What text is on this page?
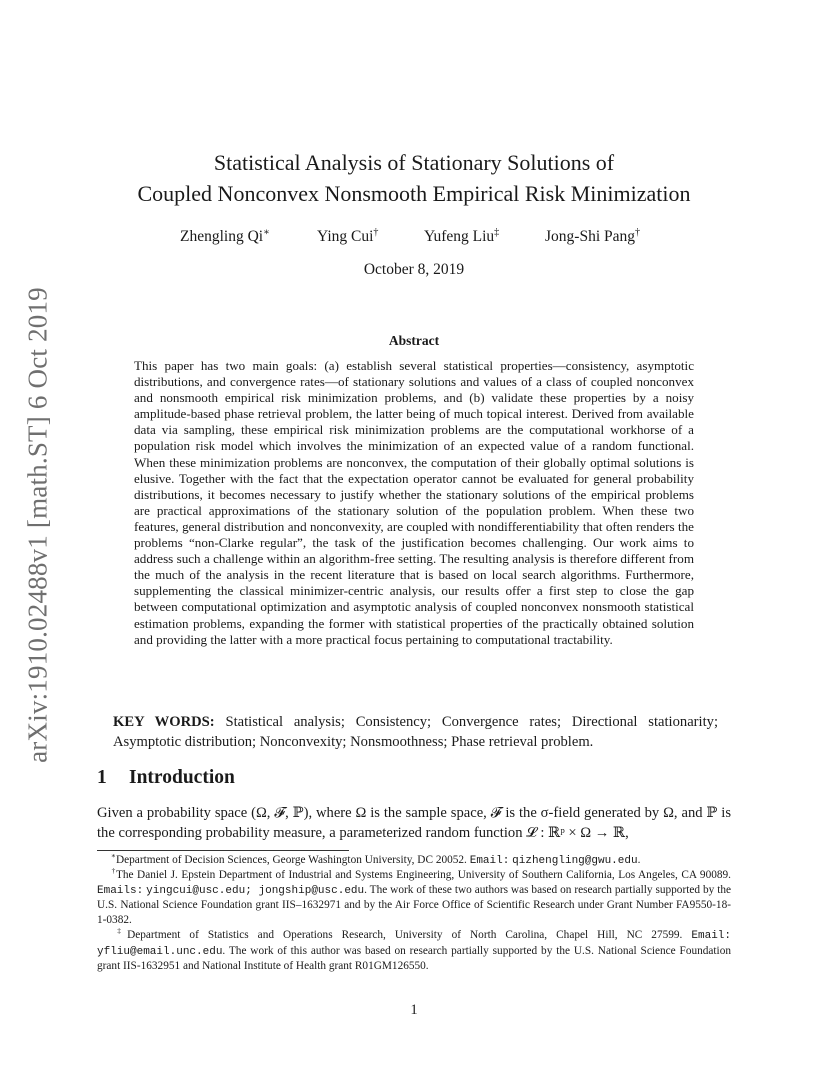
arXiv:1910.02488v1 [math.ST] 6 Oct 2019
Statistical Analysis of Stationary Solutions of
Coupled Nonconvex Nonsmooth Empirical Risk Minimization
Zhengling Qi∗	Ying Cui†	Yufeng Liu‡	Jong-Shi Pang†
October 8, 2019
Abstract
This paper has two main goals: (a) establish several statistical properties—consistency, asymptotic distributions, and convergence rates—of stationary solutions and values of a class of coupled nonconvex and nonsmooth empirical risk minimization problems, and (b) validate these properties by a noisy amplitude-based phase retrieval problem, the latter being of much topical interest. Derived from available data via sampling, these empirical risk minimization problems are the computational workhorse of a population risk model which involves the minimization of an expected value of a random functional. When these minimization problems are nonconvex, the computation of their globally optimal solutions is elusive. Together with the fact that the expectation operator cannot be evaluated for general probability distributions, it becomes necessary to justify whether the stationary solutions of the empirical problems are practical approximations of the stationary solution of the population problem. When these two features, general distribution and nonconvexity, are coupled with nondifferentiability that often renders the problems “non-Clarke regular”, the task of the justification becomes challenging. Our work aims to address such a challenge within an algorithm-free setting. The resulting analysis is therefore different from the much of the analysis in the recent literature that is based on local search algorithms. Furthermore, supplementing the classical minimizer-centric analysis, our results offer a first step to close the gap between computational optimization and asymptotic analysis of coupled nonconvex nonsmooth statistical estimation problems, expanding the former with statistical properties of the practically obtained solution and providing the latter with a more practical focus pertaining to computational tractability.
KEY WORDS: Statistical analysis; Consistency; Convergence rates; Directional stationarity; Asymptotic distribution; Nonconvexity; Nonsmoothness; Phase retrieval problem.
1 Introduction
Given a probability space (Ω, 𝓕, ℙ), where Ω is the sample space, 𝓕 is the σ-field generated by Ω, and ℙ is the corresponding probability measure, a parameterized random function 𝓛 : ℝᵖ × Ω → ℝ,
∗Department of Decision Sciences, George Washington University, DC 20052. Email: qizhengling@gwu.edu.
†The Daniel J. Epstein Department of Industrial and Systems Engineering, University of Southern California, Los Angeles, CA 90089. Emails: yingcui@usc.edu; jongship@usc.edu. The work of these two authors was based on research partially supported by the U.S. National Science Foundation grant IIS–1632971 and by the Air Force Office of Scientific Research under Grant Number FA9550-18-1-0382.
‡Department of Statistics and Operations Research, University of North Carolina, Chapel Hill, NC 27599. Email: yfliu@email.unc.edu. The work of this author was based on research partially supported by the U.S. National Science Foundation grant IIS-1632951 and National Institute of Health grant R01GM126550.
1
